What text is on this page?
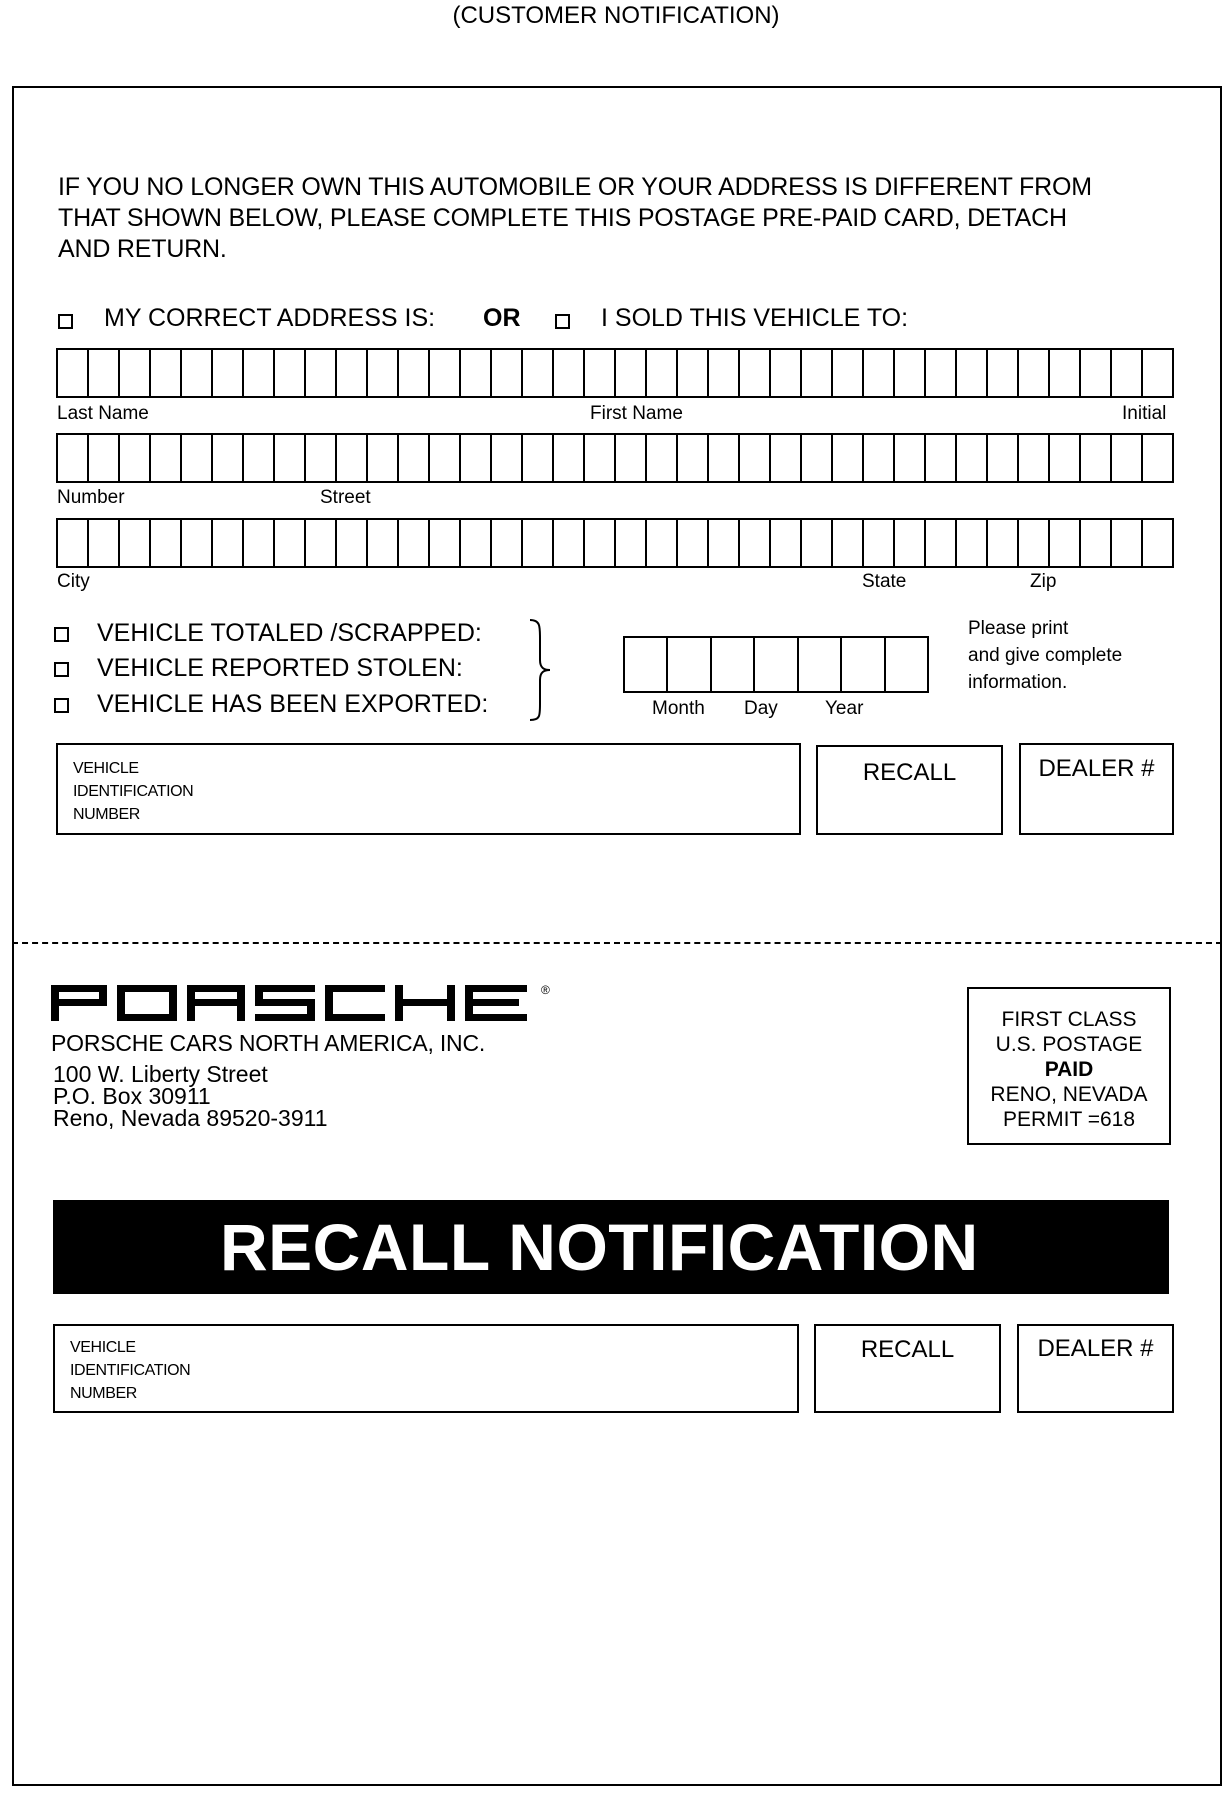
(CUSTOMER NOTIFICATION)
IF YOU NO LONGER OWN THIS AUTOMOBILE OR YOUR ADDRESS IS DIFFERENT FROM
THAT SHOWN BELOW, PLEASE COMPLETE THIS POSTAGE PRE-PAID CARD, DETACH
AND RETURN.
MY CORRECT ADDRESS IS: OR	I SOLD THIS VEHICLE TO:
Last Name	First Name	Initial
Number	Street
City	State	Zip
VEHICLE TOTALED /SCRAPPED:
VEHICLE REPORTED STOLEN:
VEHICLE HAS BEEN EXPORTED:	Month Day Year
Please print
and give complete
information.
VEHICLE
IDENTIFICATION
NUMBER
RECALL	DEALER #
®
PORSCHE CARS NORTH AMERICA, INC.
100 W. Liberty Street
P.O. Box 30911
Reno, Nevada 89520-3911
FIRST CLASS
U.S. POSTAGE
PAID
RENO, NEVADA
PERMIT =618
RECALL NOTIFICATION
VEHICLE
IDENTIFICATION
NUMBER
RECALL	DEALER #
